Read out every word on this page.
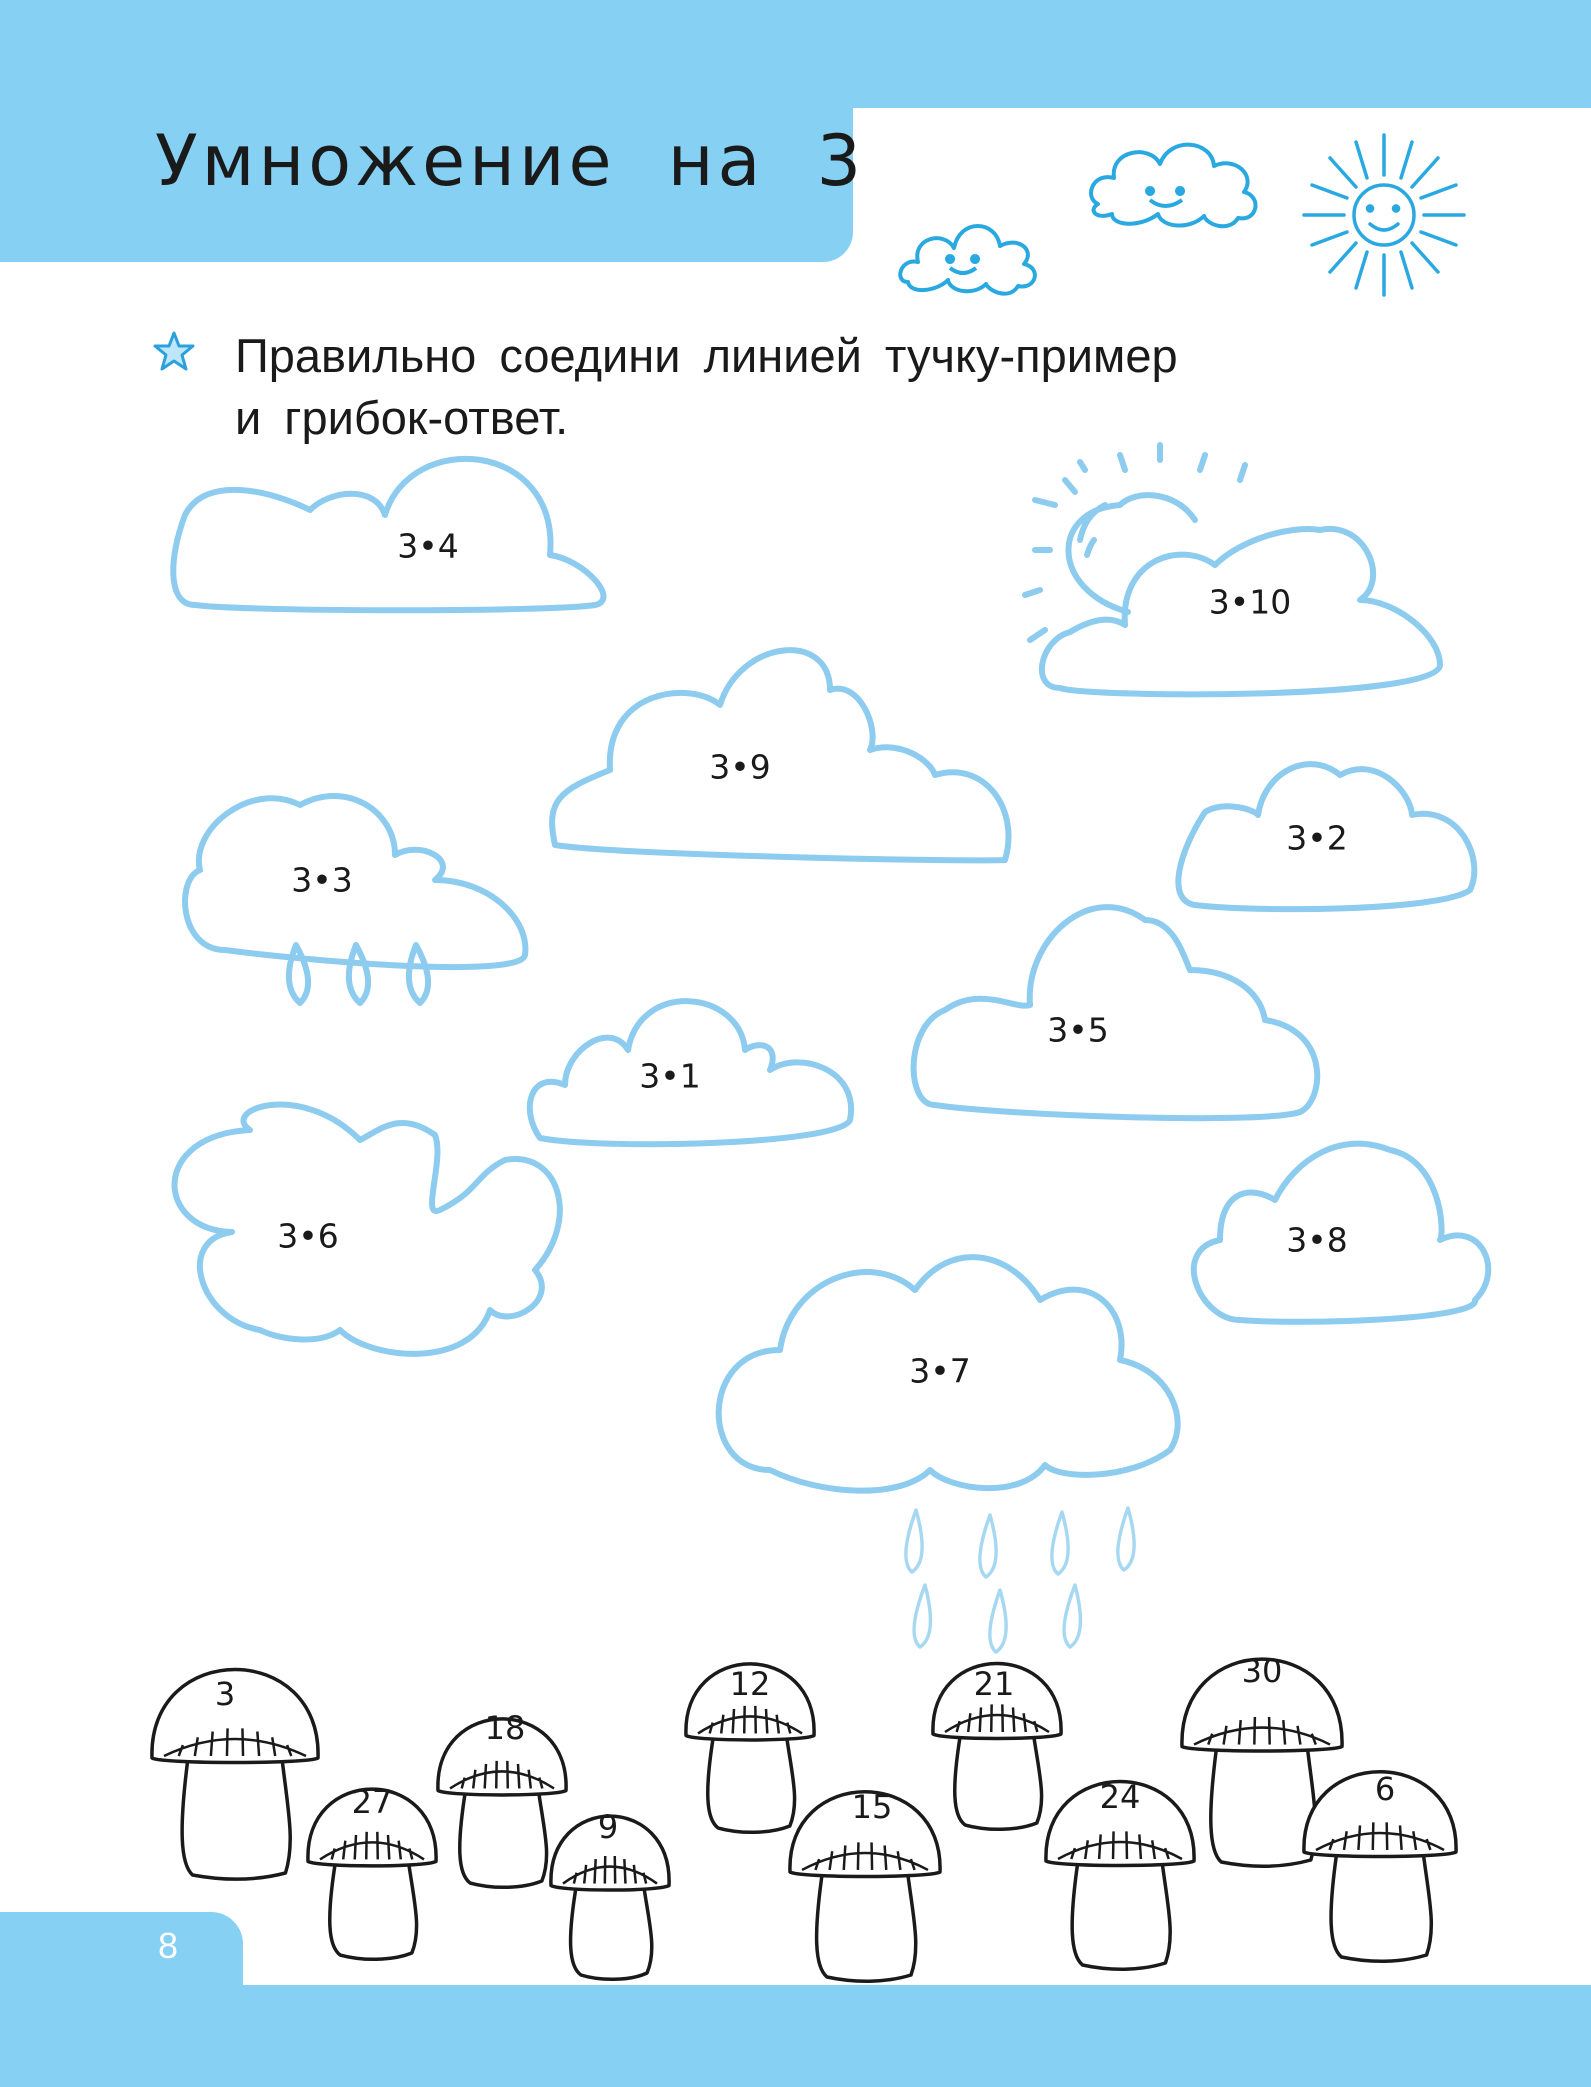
Умножение на 3
Правильно соедини линией тучку-пример
и грибок-ответ.
3•4
3•10
3•9
3•2
3•3
3•5
3•1
3•6	3•8
3•7
3
27
18
9
12
15
21
24
30
6
8
